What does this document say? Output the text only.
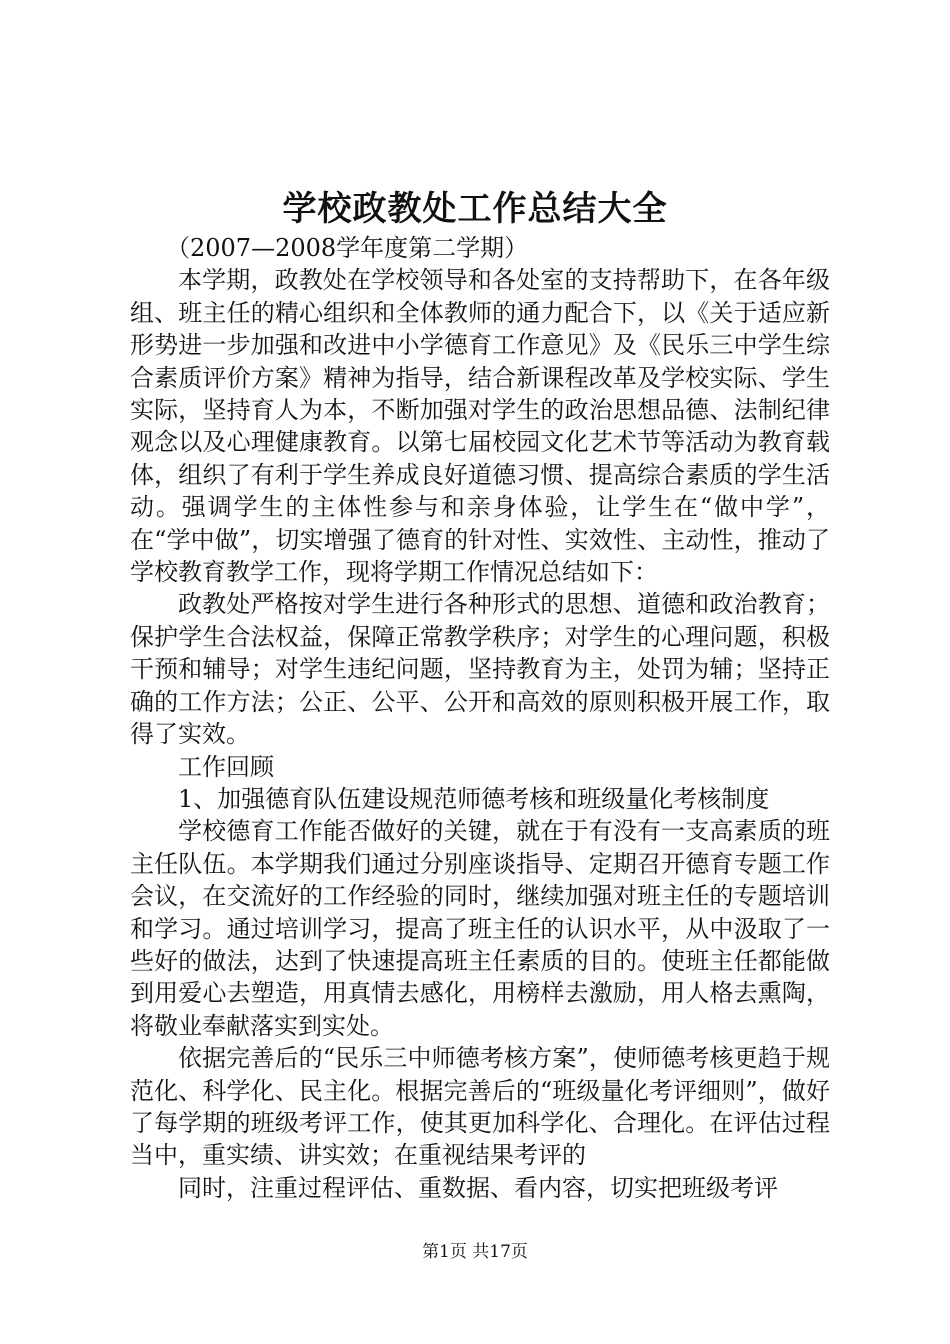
学校政教处工作总结大全

（2007—2008学年度第二学期）

本学期，政教处在学校领导和各处室的支持帮助下，在各年级组、班主任的精心组织和全体教师的通力配合下，以《关于适应新形势进一步加强和改进中小学德育工作意见》及《民乐三中学生综合素质评价方案》精神为指导，结合新课程改革及学校实际、学生实际，坚持育人为本，不断加强对学生的政治思想品德、法制纪律观念以及心理健康教育。以第七届校园文化艺术节等活动为教育载体，组织了有利于学生养成良好道德习惯、提高综合素质的学生活动。强调学生的主体性参与和亲身体验，让学生在“做中学”，在“学中做”，切实增强了德育的针对性、实效性、主动性，推动了学校教育教学工作，现将学期工作情况总结如下：

政教处严格按对学生进行各种形式的思想、道德和政治教育；保护学生合法权益，保障正常教学秩序；对学生的心理问题，积极干预和辅导；对学生违纪问题，坚持教育为主，处罚为辅；坚持正确的工作方法；公正、公平、公开和高效的原则积极开展工作，取得了实效。

工作回顾

1、加强德育队伍建设规范师德考核和班级量化考核制度

学校德育工作能否做好的关键，就在于有没有一支高素质的班主任队伍。本学期我们通过分别座谈指导、定期召开德育专题工作会议，在交流好的工作经验的同时，继续加强对班主任的专题培训和学习。通过培训学习，提高了班主任的认识水平，从中汲取了一些好的做法，达到了快速提高班主任素质的目的。使班主任都能做到用爱心去塑造，用真情去感化，用榜样去激励，用人格去熏陶，将敬业奉献落实到实处。

依据完善后的“民乐三中师德考核方案”，使师德考核更趋于规范化、科学化、民主化。根据完善后的“班级量化考评细则”，做好了每学期的班级考评工作，使其更加科学化、合理化。在评估过程当中，重实绩、讲实效；在重视结果考评的

同时，注重过程评估、重数据、看内容，切实把班级考评

第1页 共17页
